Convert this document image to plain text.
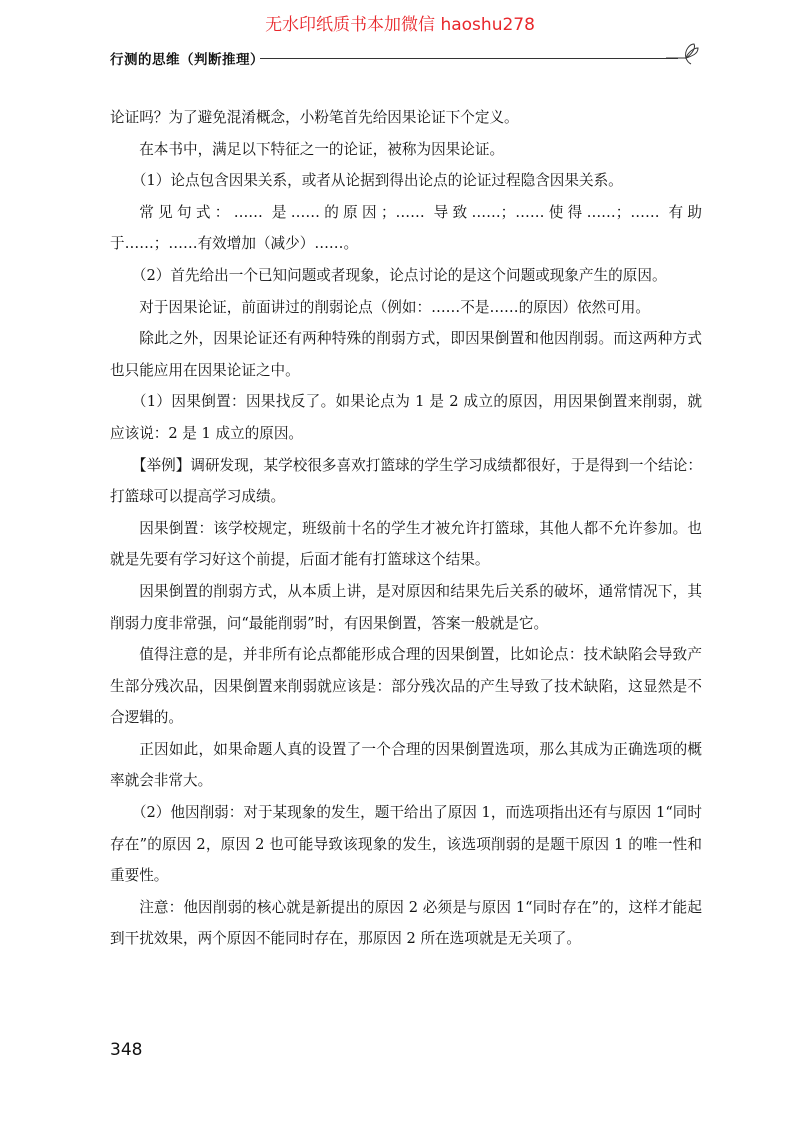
无水印纸质书本加微信 haoshu278
行测的思维（判断推理）

论证吗？为了避免混淆概念，小粉笔首先给因果论证下个定义。

在本书中，满足以下特征之一的论证，被称为因果论证。

（1）论点包含因果关系，或者从论据到得出论点的论证过程隐含因果关系。

常见句式：…… 是……的原因；…… 导致……；……使得……；…… 有助于……；……有效增加（减少）……。

（2）首先给出一个已知问题或者现象，论点讨论的是这个问题或现象产生的原因。

对于因果论证，前面讲过的削弱论点（例如：……不是……的原因）依然可用。

除此之外，因果论证还有两种特殊的削弱方式，即因果倒置和他因削弱。而这两种方式也只能应用在因果论证之中。

（1）因果倒置：因果找反了。如果论点为 1 是 2 成立的原因，用因果倒置来削弱，就应该说：2 是 1 成立的原因。

【举例】调研发现，某学校很多喜欢打篮球的学生学习成绩都很好，于是得到一个结论：打篮球可以提高学习成绩。

因果倒置：该学校规定，班级前十名的学生才被允许打篮球，其他人都不允许参加。也就是先要有学习好这个前提，后面才能有打篮球这个结果。

因果倒置的削弱方式，从本质上讲，是对原因和结果先后关系的破坏，通常情况下，其削弱力度非常强，问“最能削弱”时，有因果倒置，答案一般就是它。

值得注意的是，并非所有论点都能形成合理的因果倒置，比如论点：技术缺陷会导致产生部分残次品，因果倒置来削弱就应该是：部分残次品的产生导致了技术缺陷，这显然是不合逻辑的。

正因如此，如果命题人真的设置了一个合理的因果倒置选项，那么其成为正确选项的概率就会非常大。

（2）他因削弱：对于某现象的发生，题干给出了原因 1，而选项指出还有与原因 1“同时存在”的原因 2，原因 2 也可能导致该现象的发生，该选项削弱的是题干原因 1 的唯一性和重要性。

注意：他因削弱的核心就是新提出的原因 2 必须是与原因 1“同时存在”的，这样才能起到干扰效果，两个原因不能同时存在，那原因 2 所在选项就是无关项了。

348
